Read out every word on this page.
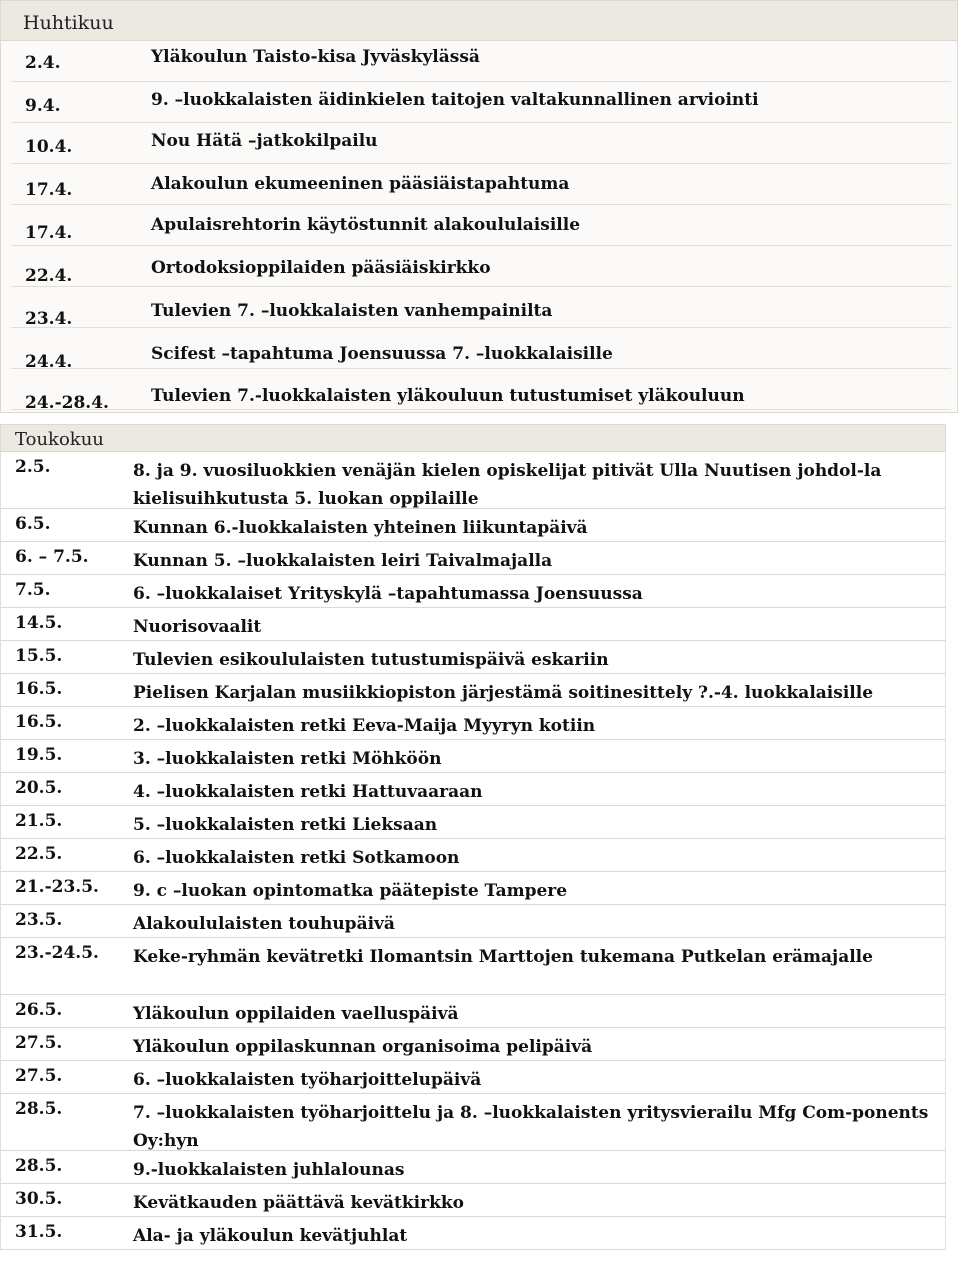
Huhtikuu
2.4.	Yläkoulun Taisto-kisa Jyväskylässä
9.4.	9. –luokkalaisten äidinkielen taitojen valtakunnallinen arviointi
10.4.	Nou Hätä –jatkokilpailu
17.4.	Alakoulun ekumeeninen pääsiäistapahtuma
17.4.	Apulaisrehtorin käytöstunnit alakoululaisille
22.4.	Ortodoksioppilaiden pääsiäiskirkko
23.4.	Tulevien 7. –luokkalaisten vanhempainilta
24.4.	Scifest –tapahtuma Joensuussa 7. –luokkalaisille
24.-28.4. Tulevien 7.-luokkalaisten yläkouluun tutustumiset yläkouluun
Toukokuu
2.5.	8. ja 9. vuosiluokkien venäjän kielen opiskelijat pitivät Ulla Nuutisen johdol-la kielisuihkutusta 5. luokan oppilaille
6.5.	Kunnan 6.-luokkalaisten yhteinen liikuntapäivä
6. – 7.5.	Kunnan 5. –luokkalaisten leiri Taivalmajalla
7.5.	6. –luokkalaiset Yrityskylä –tapahtumassa Joensuussa
14.5.	Nuorisovaalit
15.5.	Tulevien esikoululaisten tutustumispäivä eskariin
16.5.	Pielisen Karjalan musiikkiopiston järjestämä soitinesittely ?.-4. luokkalaisille
16.5.	2. –luokkalaisten retki Eeva-Maija Myyryn kotiin
19.5.	3. –luokkalaisten retki Möhköön
20.5.	4. –luokkalaisten retki Hattuvaaraan
21.5.	5. –luokkalaisten retki Lieksaan
22.5.	6. –luokkalaisten retki Sotkamoon
21.-23.5. 9. c –luokan opintomatka päätepiste Tampere
23.5.	Alakoululaisten touhupäivä
23.-24.5. Keke-ryhmän kevätretki Ilomantsin Marttojen tukemana Putkelan erämajalle
26.5.	Yläkoulun oppilaiden vaelluspäivä
27.5.	Yläkoulun oppilaskunnan organisoima pelipäivä
27.5.	6. –luokkalaisten työharjoittelupäivä
28.5.	7. –luokkalaisten työharjoittelu ja 8. –luokkalaisten yritysvierailu Mfg Com-ponents Oy:hyn
28.5.	9.-luokkalaisten juhlalounas
30.5.	Kevätkauden päättävä kevätkirkko
31.5.	Ala- ja yläkoulun kevätjuhlat
